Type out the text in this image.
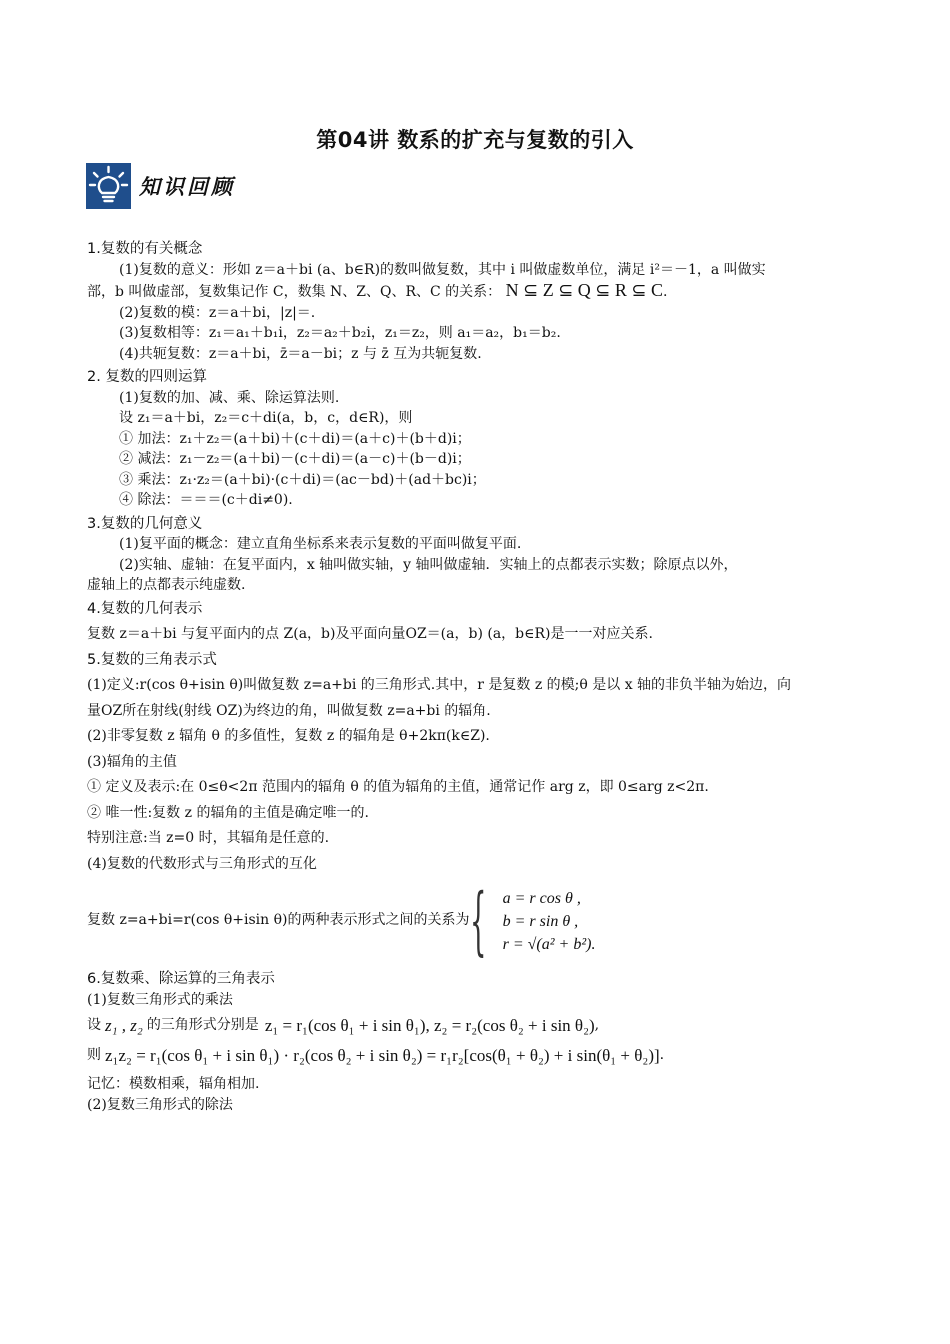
第04讲 数系的扩充与复数的引入
知识回顾
1.复数的有关概念
(1)复数的意义：形如 z＝a＋bi (a、b∈R)的数叫做复数，其中 i 叫做虚数单位，满足 i²＝－1，a 叫做实
部，b 叫做虚部，复数集记作 C，数集 N、Z、Q、R、C 的关系： N ⊆ Z ⊆ Q ⊆ R ⊆ C.
(2)复数的模：z＝a＋bi，|z|＝.
(3)复数相等：z₁＝a₁＋b₁i，z₂＝a₂＋b₂i，z₁＝z₂，则 a₁＝a₂，b₁＝b₂.
(4)共轭复数：z＝a＋bi，z̄＝a－bi；z 与 z̄ 互为共轭复数.
2. 复数的四则运算
(1)复数的加、减、乘、除运算法则.
设 z₁＝a＋bi，z₂＝c＋di(a，b，c，d∈R)，则
① 加法：z₁＋z₂＝(a＋bi)＋(c＋di)＝(a＋c)＋(b＋d)i；
② 减法：z₁－z₂＝(a＋bi)－(c＋di)＝(a－c)＋(b－d)i；
③ 乘法：z₁·z₂＝(a＋bi)·(c＋di)＝(ac－bd)＋(ad＋bc)i；
④ 除法：＝＝＝(c＋di≠0).
3.复数的几何意义
(1)复平面的概念：建立直角坐标系来表示复数的平面叫做复平面.
(2)实轴、虚轴：在复平面内，x 轴叫做实轴，y 轴叫做虚轴．实轴上的点都表示实数；除原点以外，
虚轴上的点都表示纯虚数.
4.复数的几何表示
复数 z＝a＋bi 与复平面内的点 Z(a，b)及平面向量OZ＝(a，b) (a，b∈R)是一一对应关系.
5.复数的三角表示式
(1)定义:r(cos θ+isin θ)叫做复数 z=a+bi 的三角形式.其中，r 是复数 z 的模;θ 是以 x 轴的非负半轴为始边，向
量OZ所在射线(射线 OZ)为终边的角，叫做复数 z=a+bi 的辐角.
(2)非零复数 z 辐角 θ 的多值性，复数 z 的辐角是 θ+2kπ(k∈Z).
(3)辐角的主值
① 定义及表示:在 0≤θ<2π 范围内的辐角 θ 的值为辐角的主值，通常记作 arg z，即 0≤arg z<2π.
② 唯一性:复数 z 的辐角的主值是确定唯一的.
特别注意:当 z=0 时，其辐角是任意的.
(4)复数的代数形式与三角形式的互化
复数 z=a+bi=r(cos θ+isin θ)的两种表示形式之间的关系为 { a = r cos θ ,
b = r sin θ ,
r = √(a² + b²).
6.复数乘、除运算的三角表示
(1)复数三角形式的乘法
设 z₁ , z₂ 的三角形式分别是 z₁ = r₁(cos θ₁ + i sin θ₁), z₂ = r₂(cos θ₂ + i sin θ₂) ,
则 z₁z₂ = r₁(cos θ₁ + i sin θ₁) · r₂(cos θ₂ + i sin θ₂) = r₁r₂[cos(θ₁ + θ₂) + i sin(θ₁ + θ₂)] .
记忆：模数相乘，辐角相加.
(2)复数三角形式的除法
